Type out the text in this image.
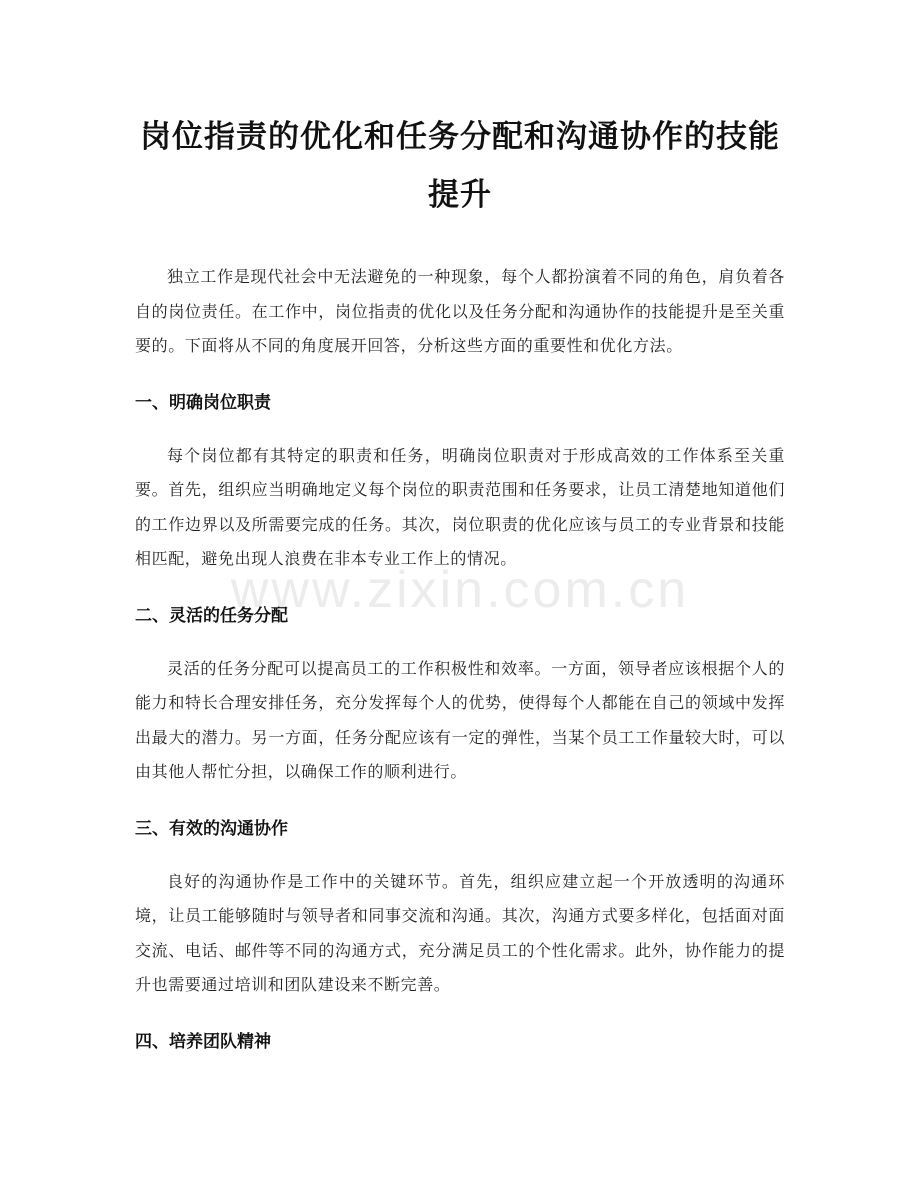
岗位指责的优化和任务分配和沟通协作的技能提升

独立工作是现代社会中无法避免的一种现象，每个人都扮演着不同的角色，肩负着各自的岗位责任。在工作中，岗位指责的优化以及任务分配和沟通协作的技能提升是至关重要的。下面将从不同的角度展开回答，分析这些方面的重要性和优化方法。

一、明确岗位职责

每个岗位都有其特定的职责和任务，明确岗位职责对于形成高效的工作体系至关重要。首先，组织应当明确地定义每个岗位的职责范围和任务要求，让员工清楚地知道他们的工作边界以及所需要完成的任务。其次，岗位职责的优化应该与员工的专业背景和技能相匹配，避免出现人浪费在非本专业工作上的情况。

二、灵活的任务分配

灵活的任务分配可以提高员工的工作积极性和效率。一方面，领导者应该根据个人的能力和特长合理安排任务，充分发挥每个人的优势，使得每个人都能在自己的领域中发挥出最大的潜力。另一方面，任务分配应该有一定的弹性，当某个员工工作量较大时，可以由其他人帮忙分担，以确保工作的顺利进行。

三、有效的沟通协作

良好的沟通协作是工作中的关键环节。首先，组织应建立起一个开放透明的沟通环境，让员工能够随时与领导者和同事交流和沟通。其次，沟通方式要多样化，包括面对面交流、电话、邮件等不同的沟通方式，充分满足员工的个性化需求。此外，协作能力的提升也需要通过培训和团队建设来不断完善。

四、培养团队精神
www.zixin.com.cn
